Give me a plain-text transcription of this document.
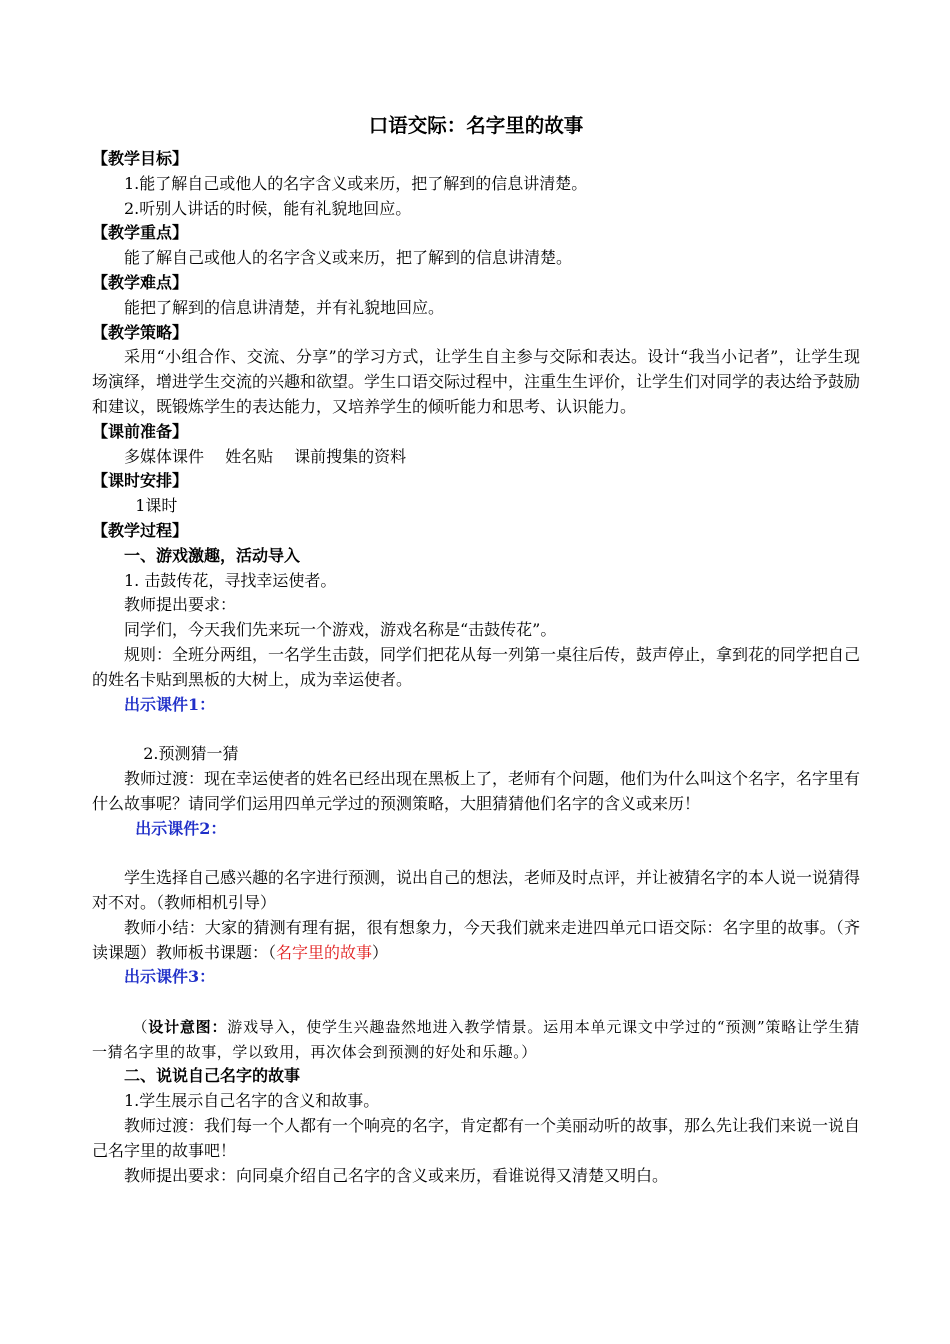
口语交际：名字里的故事
【教学目标】
1.能了解自己或他人的名字含义或来历，把了解到的信息讲清楚。
2.听别人讲话的时候，能有礼貌地回应。
【教学重点】
能了解自己或他人的名字含义或来历，把了解到的信息讲清楚。
【教学难点】
能把了解到的信息讲清楚，并有礼貌地回应。
【教学策略】
采用“小组合作、交流、分享”的学习方式，让学生自主参与交际和表达。设计“我当小记者”，让学生现场演绎，增进学生交流的兴趣和欲望。学生口语交际过程中，注重生生评价，让学生们对同学的表达给予鼓励和建议，既锻炼学生的表达能力，又培养学生的倾听能力和思考、认识能力。
【课前准备】
多媒体课件　 姓名贴　 课前搜集的资料
【课时安排】
1课时
【教学过程】
一、游戏激趣，活动导入
1. 击鼓传花，寻找幸运使者。
教师提出要求：
同学们，今天我们先来玩一个游戏，游戏名称是“击鼓传花”。
规则：全班分两组，一名学生击鼓，同学们把花从每一列第一桌往后传，鼓声停止，拿到花的同学把自己的姓名卡贴到黑板的大树上，成为幸运使者。
出示课件1：
2.预测猜一猜
教师过渡：现在幸运使者的姓名已经出现在黑板上了，老师有个问题，他们为什么叫这个名字，名字里有什么故事呢？请同学们运用四单元学过的预测策略，大胆猜猜他们名字的含义或来历！
出示课件2：
学生选择自己感兴趣的名字进行预测，说出自己的想法，老师及时点评，并让被猜名字的本人说一说猜得对不对。（教师相机引导）
教师小结：大家的猜测有理有据，很有想象力，今天我们就来走进四单元口语交际：名字里的故事。（齐读课题）教师板书课题：（名字里的故事）
出示课件3：
（设计意图：游戏导入，使学生兴趣盎然地进入教学情景。运用本单元课文中学过的“预测”策略让学生猜一猜名字里的故事，学以致用，再次体会到预测的好处和乐趣。）
二、说说自己名字的故事
1.学生展示自己名字的含义和故事。
教师过渡：我们每一个人都有一个响亮的名字，肯定都有一个美丽动听的故事，那么先让我们来说一说自己名字里的故事吧！
教师提出要求：向同桌介绍自己名字的含义或来历，看谁说得又清楚又明白。
